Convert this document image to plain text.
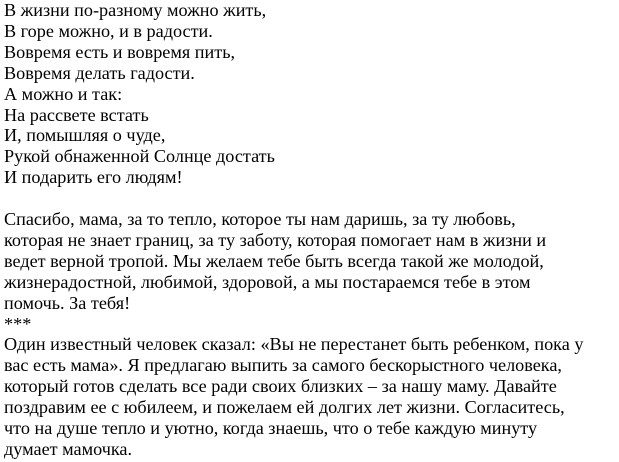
В жизни по-разному можно жить,

В горе можно, и в радости.

Вовремя есть и вовремя пить,

Вовремя делать гадости.

А можно и так:

На рассвете встать

И, помышляя о чуде,

Рукой обнаженной Солнце достать

И подарить его людям!

Спасибо, мама, за то тепло, которое ты нам даришь, за ту любовь,

которая не знает границ, за ту заботу, которая помогает нам в жизни и

ведет верной тропой. Мы желаем тебе быть всегда такой же молодой,

жизнерадостной, любимой, здоровой, а мы постараемся тебе в этом

помочь. За тебя!

***

Один известный человек сказал: «Вы не перестанет быть ребенком, пока у

вас есть мама». Я предлагаю выпить за самого бескорыстного человека,

который готов сделать все ради своих близких – за нашу маму. Давайте

поздравим ее с юбилеем, и пожелаем ей долгих лет жизни. Согласитесь,

что на душе тепло и уютно, когда знаешь, что о тебе каждую минуту

думает мамочка.
